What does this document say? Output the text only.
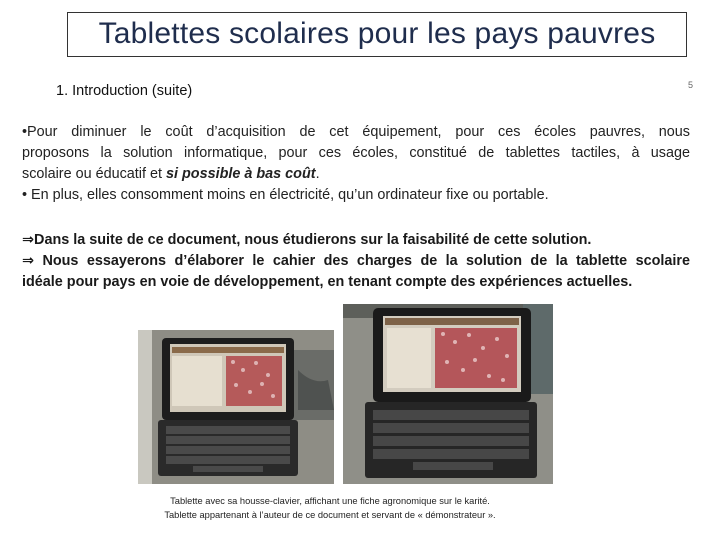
Tablettes scolaires pour les pays pauvres
5
1. Introduction (suite)
•Pour diminuer le coût d’acquisition de cet équipement, pour ces écoles pauvres, nous
proposons la solution informatique, pour ces écoles, constitué de tablettes tactiles, à usage
scolaire ou éducatif et si possible à bas coût.
• En plus, elles consomment moins en électricité, qu’un ordinateur fixe ou portable.
⇒Dans la suite de ce document, nous étudierons sur la faisabilité de cette solution.
⇒ Nous essayerons d’élaborer le cahier des charges de la solution de la tablette scolaire
idéale pour pays en voie de développement, en tenant compte des expériences actuelles.
Tablette avec sa housse-clavier, affichant une fiche agronomique sur le karité.
Tablette appartenant à l’auteur de ce document et servant de « démonstrateur ».
